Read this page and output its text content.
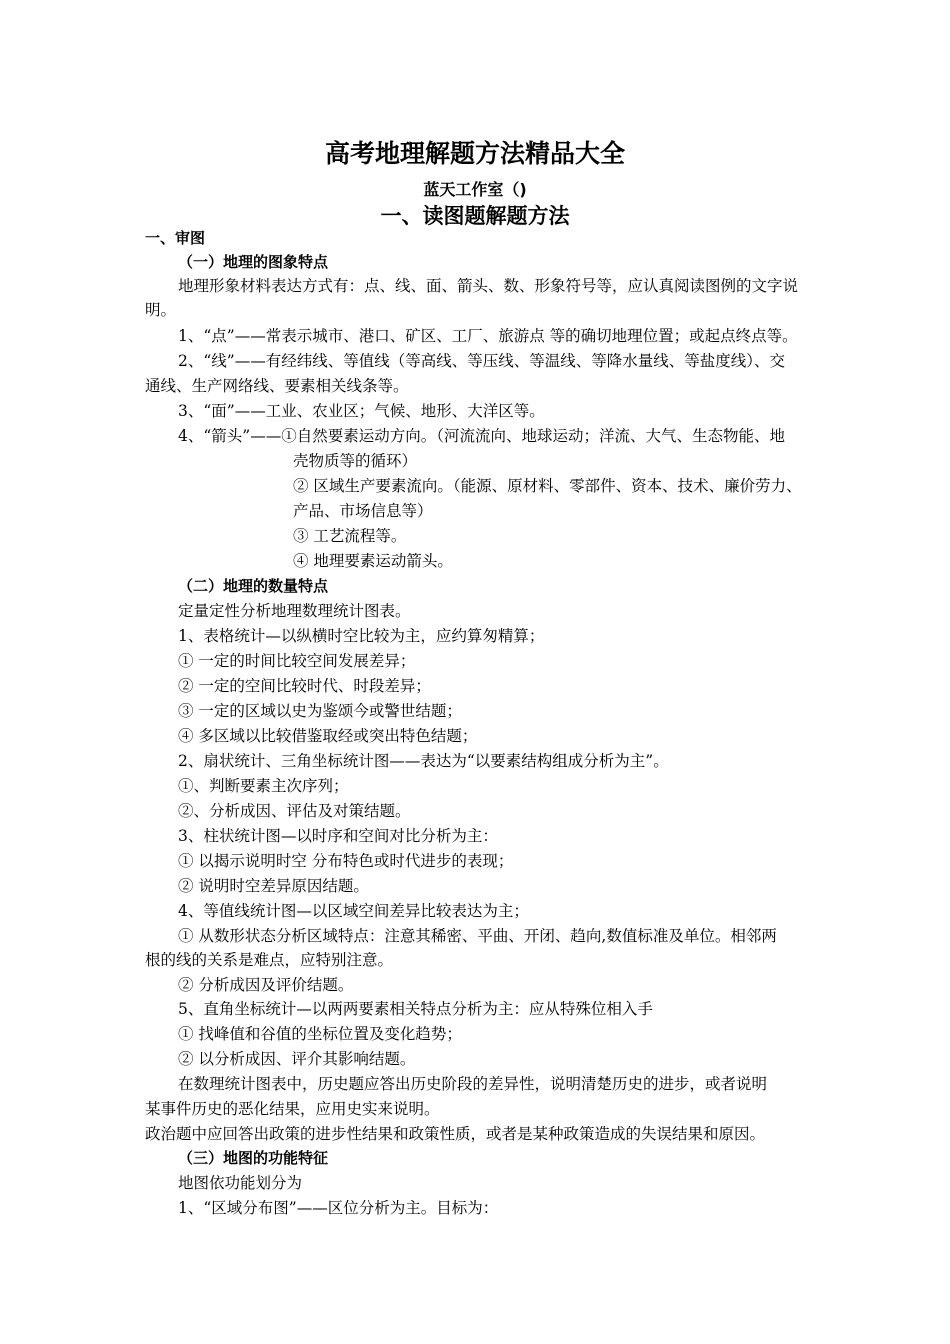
高考地理解题方法精品大全
蓝天工作室（)
一、读图题解题方法
一、审图
（一）地理的图象特点
地理形象材料表达方式有：点、线、面、箭头、数、形象符号等，应认真阅读图例的文字说
明。
1、“点”——常表示城市、港口、矿区、工厂、旅游点 等的确切地理位置；或起点终点等。
2、“线”——有经纬线、等值线（等高线、等压线、等温线、等降水量线、等盐度线）、交
通线、生产网络线、要素相关线条等。
3、“面”——工业、农业区；气候、地形、大洋区等。
4、“箭头”——①自然要素运动方向。（河流流向、地球运动；洋流、大气、生态物能、地
壳物质等的循环）
② 区域生产要素流向。（能源、原材料、零部件、资本、技术、廉价劳力、
产品、市场信息等）
③ 工艺流程等。
④ 地理要素运动箭头。
（二）地理的数量特点
定量定性分析地理数理统计图表。
1、表格统计—以纵横时空比较为主，应约算匆精算；
① 一定的时间比较空间发展差异；
② 一定的空间比较时代、时段差异；
③ 一定的区域以史为鉴颂今或警世结题；
④ 多区域以比较借鉴取经或突出特色结题；
2、扇状统计、三角坐标统计图——表达为“以要素结构组成分析为主”。
①、判断要素主次序列；
②、分析成因、评估及对策结题。
3、柱状统计图—以时序和空间对比分析为主：
① 以揭示说明时空 分布特色或时代进步的表现；
② 说明时空差异原因结题。
4、等值线统计图—以区域空间差异比较表达为主；
① 从数形状态分析区域特点：注意其稀密、平曲、开闭、趋向,数值标准及单位。相邻两
根的线的关系是难点，应特别注意。
② 分析成因及评价结题。
5、直角坐标统计—以两两要素相关特点分析为主：应从特殊位相入手
① 找峰值和谷值的坐标位置及变化趋势；
② 以分析成因、评介其影响结题。
在数理统计图表中，历史题应答出历史阶段的差异性，说明清楚历史的进步，或者说明
某事件历史的恶化结果，应用史实来说明。
政治题中应回答出政策的进步性结果和政策性质，或者是某种政策造成的失误结果和原因。
（三）地图的功能特征
地图依功能划分为
1、“区域分布图”——区位分析为主。目标为：
